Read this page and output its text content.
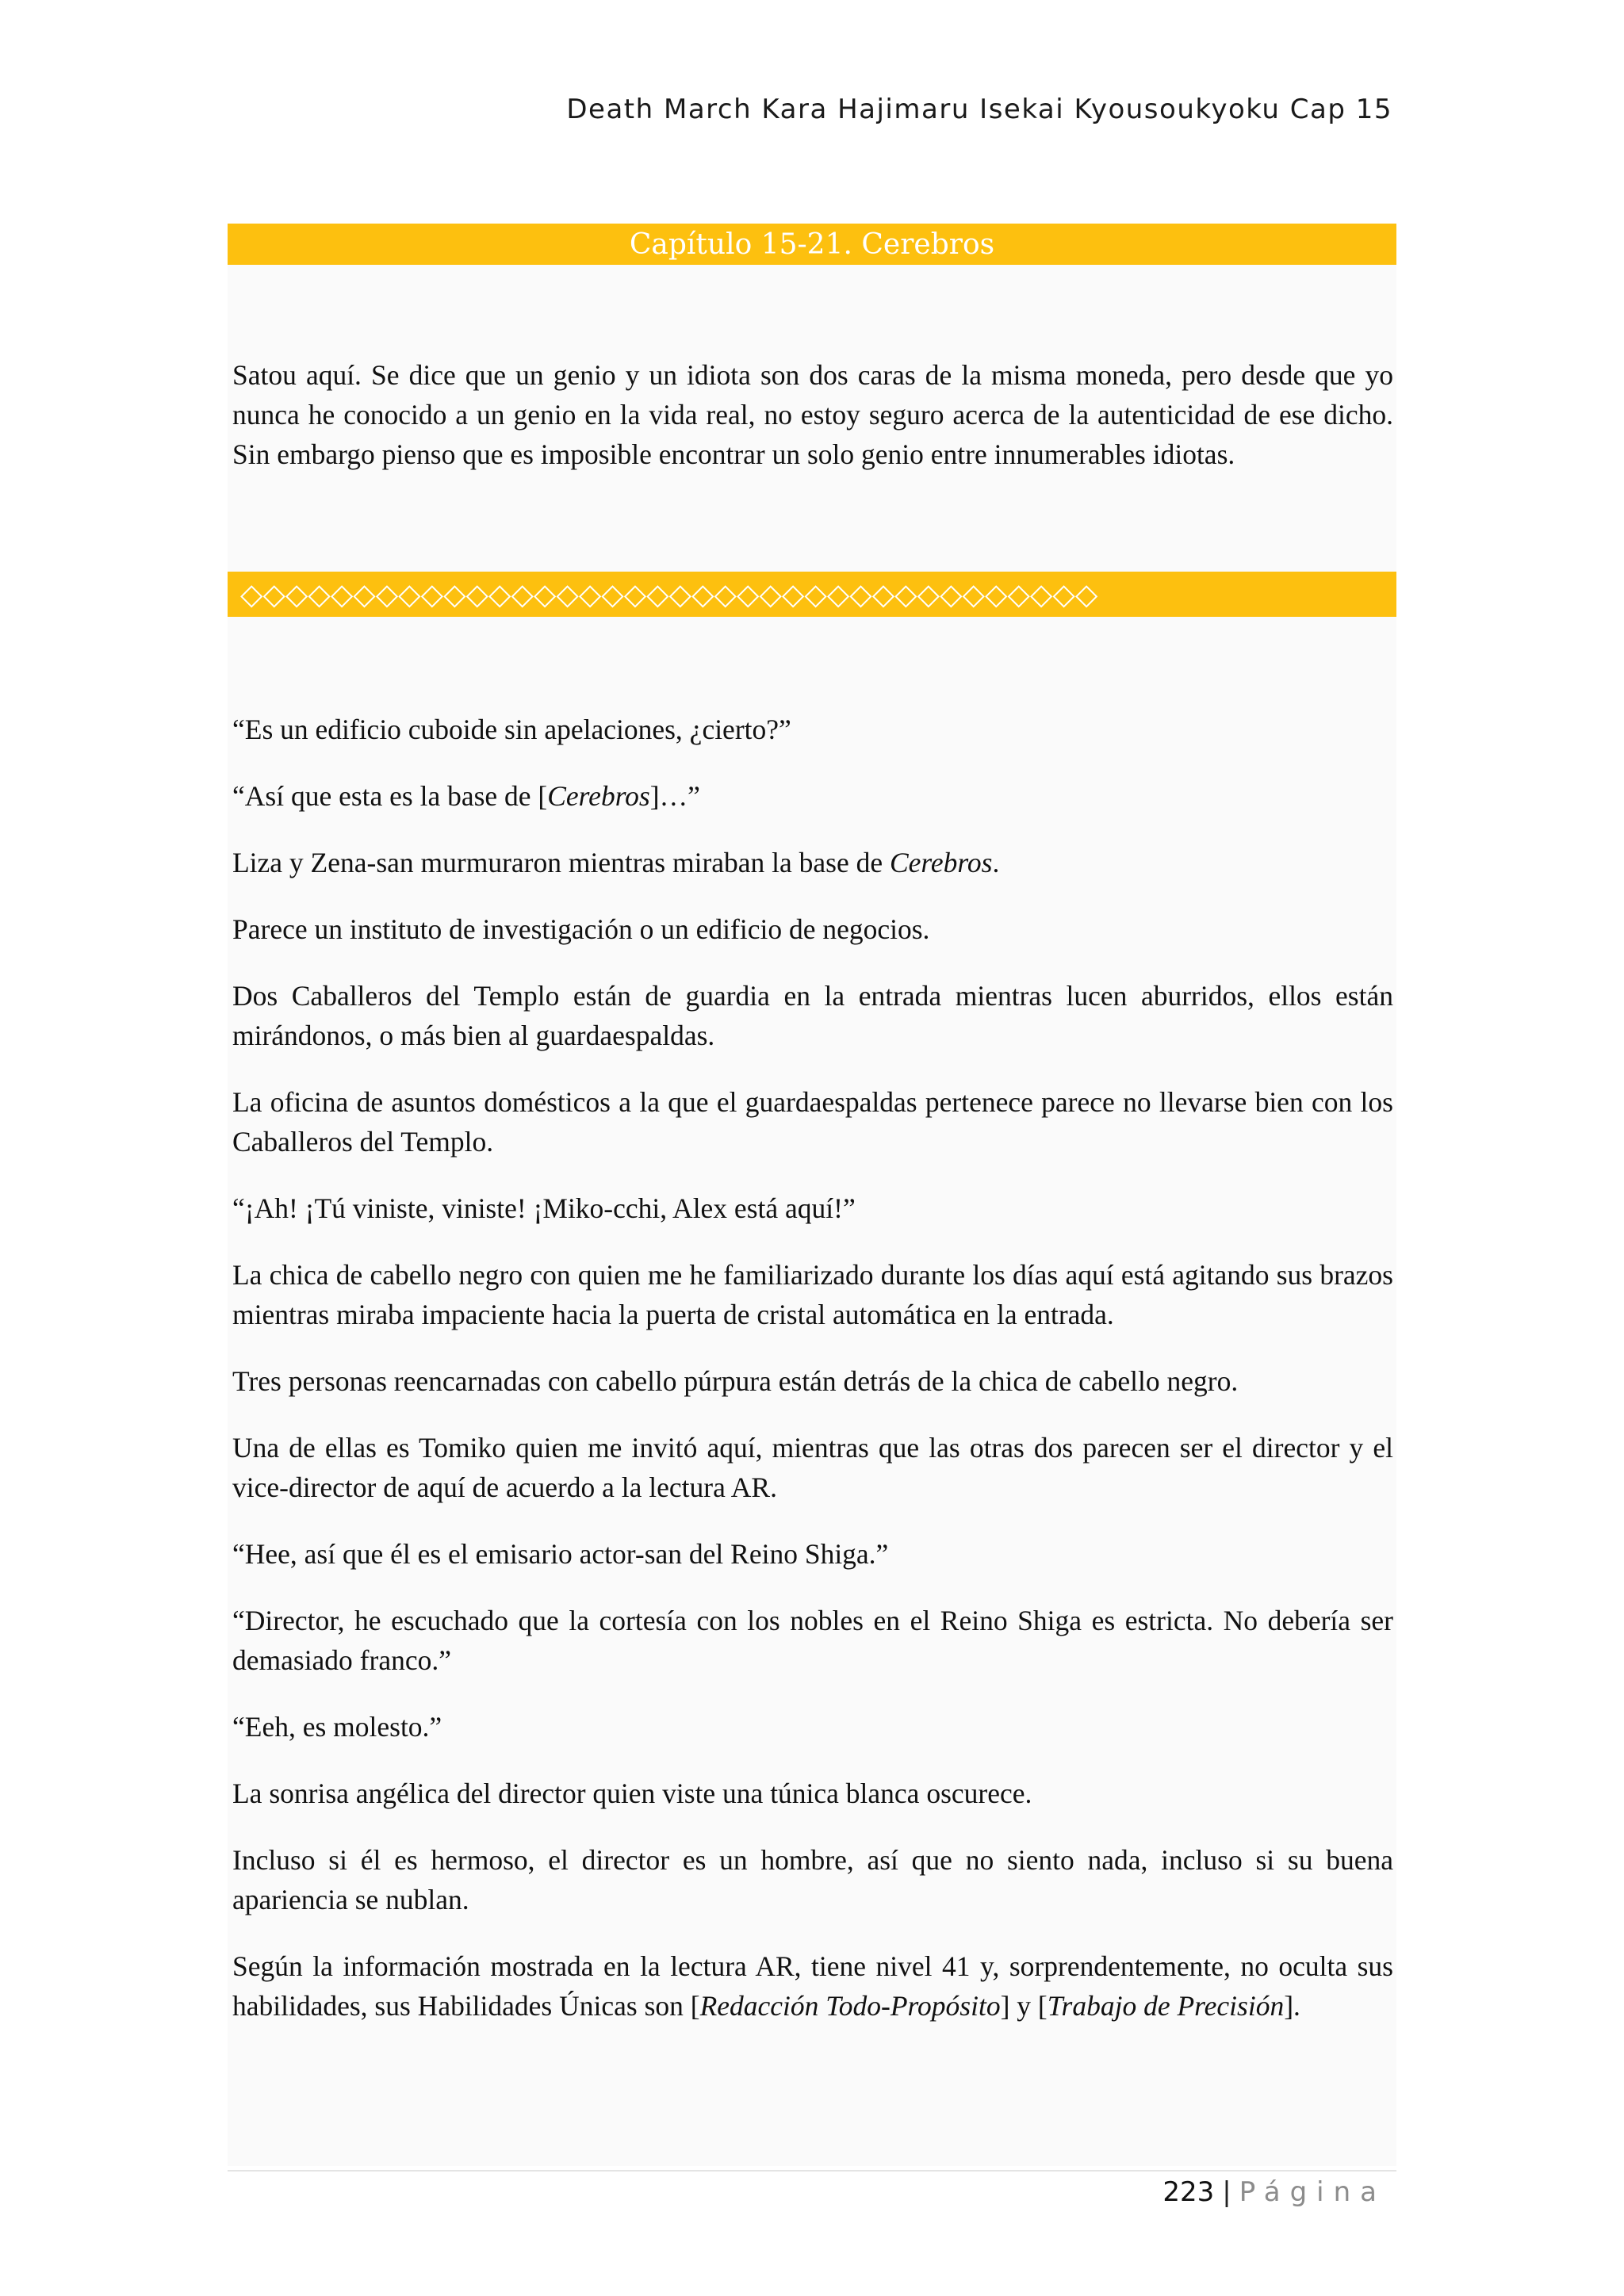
Death March Kara Hajimaru Isekai Kyousoukyoku Cap 15
Capítulo 15-21. Cerebros

Satou aquí. Se dice que un genio y un idiota son dos caras de la misma moneda, pero desde que yo nunca he conocido a un genio en la vida real, no estoy seguro acerca de la autenticidad de ese dicho. Sin embargo pienso que es imposible encontrar un solo genio entre innumerables idiotas.

◇◇◇◇◇◇◇◇◇◇◇◇◇◇◇◇◇◇◇◇◇◇◇◇◇◇◇◇◇◇◇◇◇◇◇◇◇◇

“Es un edificio cuboide sin apelaciones, ¿cierto?”

“Así que esta es la base de [Cerebros]…”

Liza y Zena-san murmuraron mientras miraban la base de Cerebros.

Parece un instituto de investigación o un edificio de negocios.

Dos Caballeros del Templo están de guardia en la entrada mientras lucen aburridos, ellos están mirándonos, o más bien al guardaespaldas.

La oficina de asuntos domésticos a la que el guardaespaldas pertenece parece no llevarse bien con los Caballeros del Templo.

“¡Ah! ¡Tú viniste, viniste! ¡Miko-cchi, Alex está aquí!”

La chica de cabello negro con quien me he familiarizado durante los días aquí está agitando sus brazos mientras miraba impaciente hacia la puerta de cristal automática en la entrada.

Tres personas reencarnadas con cabello púrpura están detrás de la chica de cabello negro.

Una de ellas es Tomiko quien me invitó aquí, mientras que las otras dos parecen ser el director y el vice-director de aquí de acuerdo a la lectura AR.

“Hee, así que él es el emisario actor-san del Reino Shiga.”

“Director, he escuchado que la cortesía con los nobles en el Reino Shiga es estricta. No debería ser demasiado franco.”

“Eeh, es molesto.”

La sonrisa angélica del director quien viste una túnica blanca oscurece.

Incluso si él es hermoso, el director es un hombre, así que no siento nada, incluso si su buena apariencia se nublan.

Según la información mostrada en la lectura AR, tiene nivel 41 y, sorprendentemente, no oculta sus habilidades, sus Habilidades Únicas son [Redacción Todo-Propósito] y [Trabajo de Precisión].

223 | Página
